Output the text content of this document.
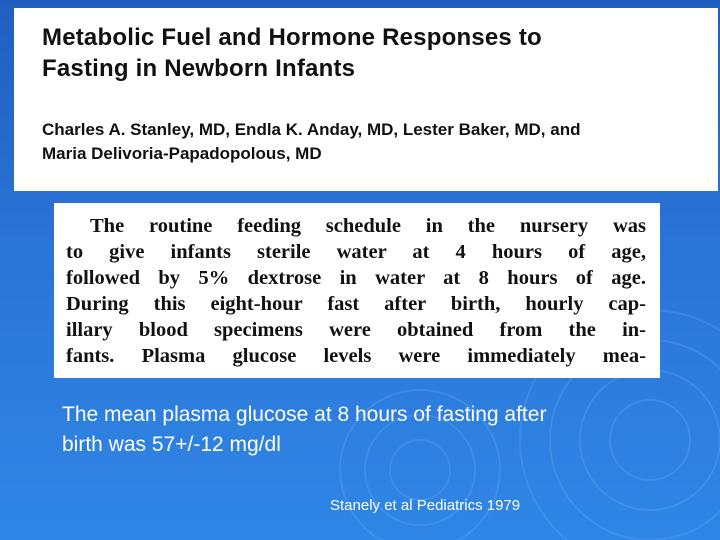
Metabolic Fuel and Hormone Responses to
Fasting in Newborn Infants
Charles A. Stanley, MD, Endla K. Anday, MD, Lester Baker, MD, and
Maria Delivoria-Papadopolous, MD
The routine feeding schedule in the nursery was
to give infants sterile water at 4 hours of age,
followed by 5% dextrose in water at 8 hours of age.
During this eight-hour fast after birth, hourly cap-
illary blood specimens were obtained from the in-
fants. Plasma glucose levels were immediately mea-
The mean plasma glucose at 8 hours of fasting after
birth was 57+/-12 mg/dl
Stanely et al Pediatrics 1979
